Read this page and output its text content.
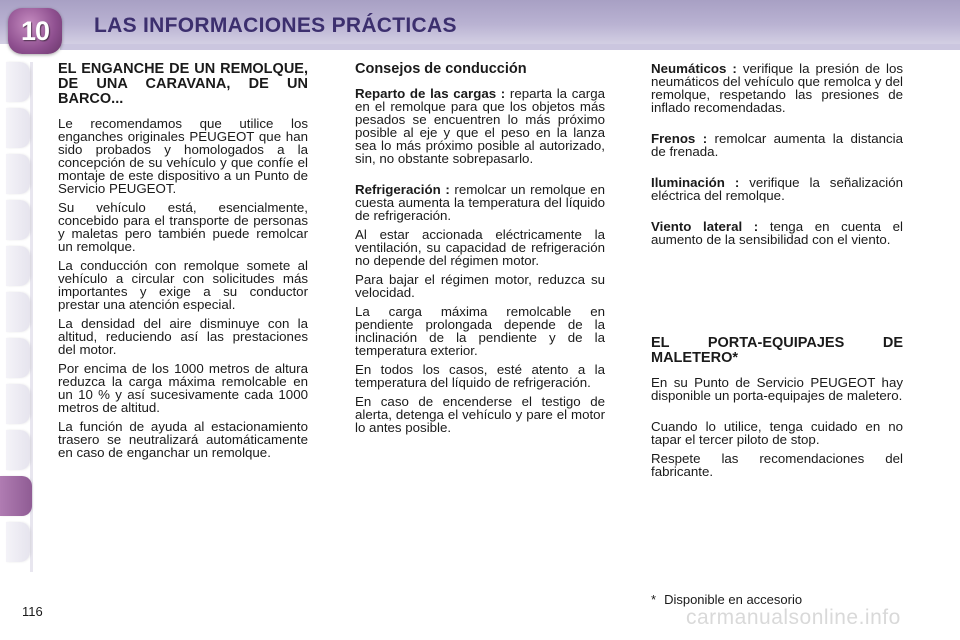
10	LAS INFORMACIONES PRÁCTICAS

EL ENGANCHE DE UN REMOLQUE, DE UNA CARAVANA, DE UN BARCO...

Le recomendamos que utilice los enganches originales PEUGEOT que han sido probados y homologados a la concepción de su vehículo y que confíe el montaje de este dispositivo a un Punto de Servicio PEUGEOT.

Su vehículo está, esencialmente, concebido para el transporte de personas y maletas pero también puede remolcar un remolque.

La conducción con remolque somete al vehículo a circular con solicitudes más importantes y exige a su conductor prestar una atención especial.

La densidad del aire disminuye con la altitud, reduciendo así las prestaciones del motor.

Por encima de los 1000 metros de altura reduzca la carga máxima remolcable en un 10 % y así sucesivamente cada 1000 metros de altitud.

La función de ayuda al estacionamiento trasero se neutralizará automáticamente en caso de enganchar un remolque.

Consejos de conducción

Reparto de las cargas : reparta la carga en el remolque para que los objetos más pesados se encuentren lo más próximo posible al eje y que el peso en la lanza sea lo más próximo posible al autorizado, sin, no obstante sobrepasarlo.

Refrigeración : remolcar un remolque en cuesta aumenta la temperatura del líquido de refrigeración.

Al estar accionada eléctricamente la ventilación, su capacidad de refrigeración no depende del régimen motor.

Para bajar el régimen motor, reduzca su velocidad.

La carga máxima remolcable en pendiente prolongada depende de la inclinación de la pendiente y de la temperatura exterior.

En todos los casos, esté atento a la temperatura del líquido de refrigeración.

En caso de encenderse el testigo de alerta, detenga el vehículo y pare el motor lo antes posible.

Neumáticos : verifique la presión de los neumáticos del vehículo que remolca y del remolque, respetando las presiones de inflado recomendadas.

Frenos : remolcar aumenta la distancia de frenada.

Iluminación : verifique la señalización eléctrica del remolque.

Viento lateral : tenga en cuenta el aumento de la sensibilidad con el viento.

EL PORTA-EQUIPAJES DE MALETERO*

En su Punto de Servicio PEUGEOT hay disponible un porta-equipajes de maletero.

Cuando lo utilice, tenga cuidado en no tapar el tercer piloto de stop.

Respete las recomendaciones del fabricante.

* Disponible en accesorio
116	carmanualsonline.info
